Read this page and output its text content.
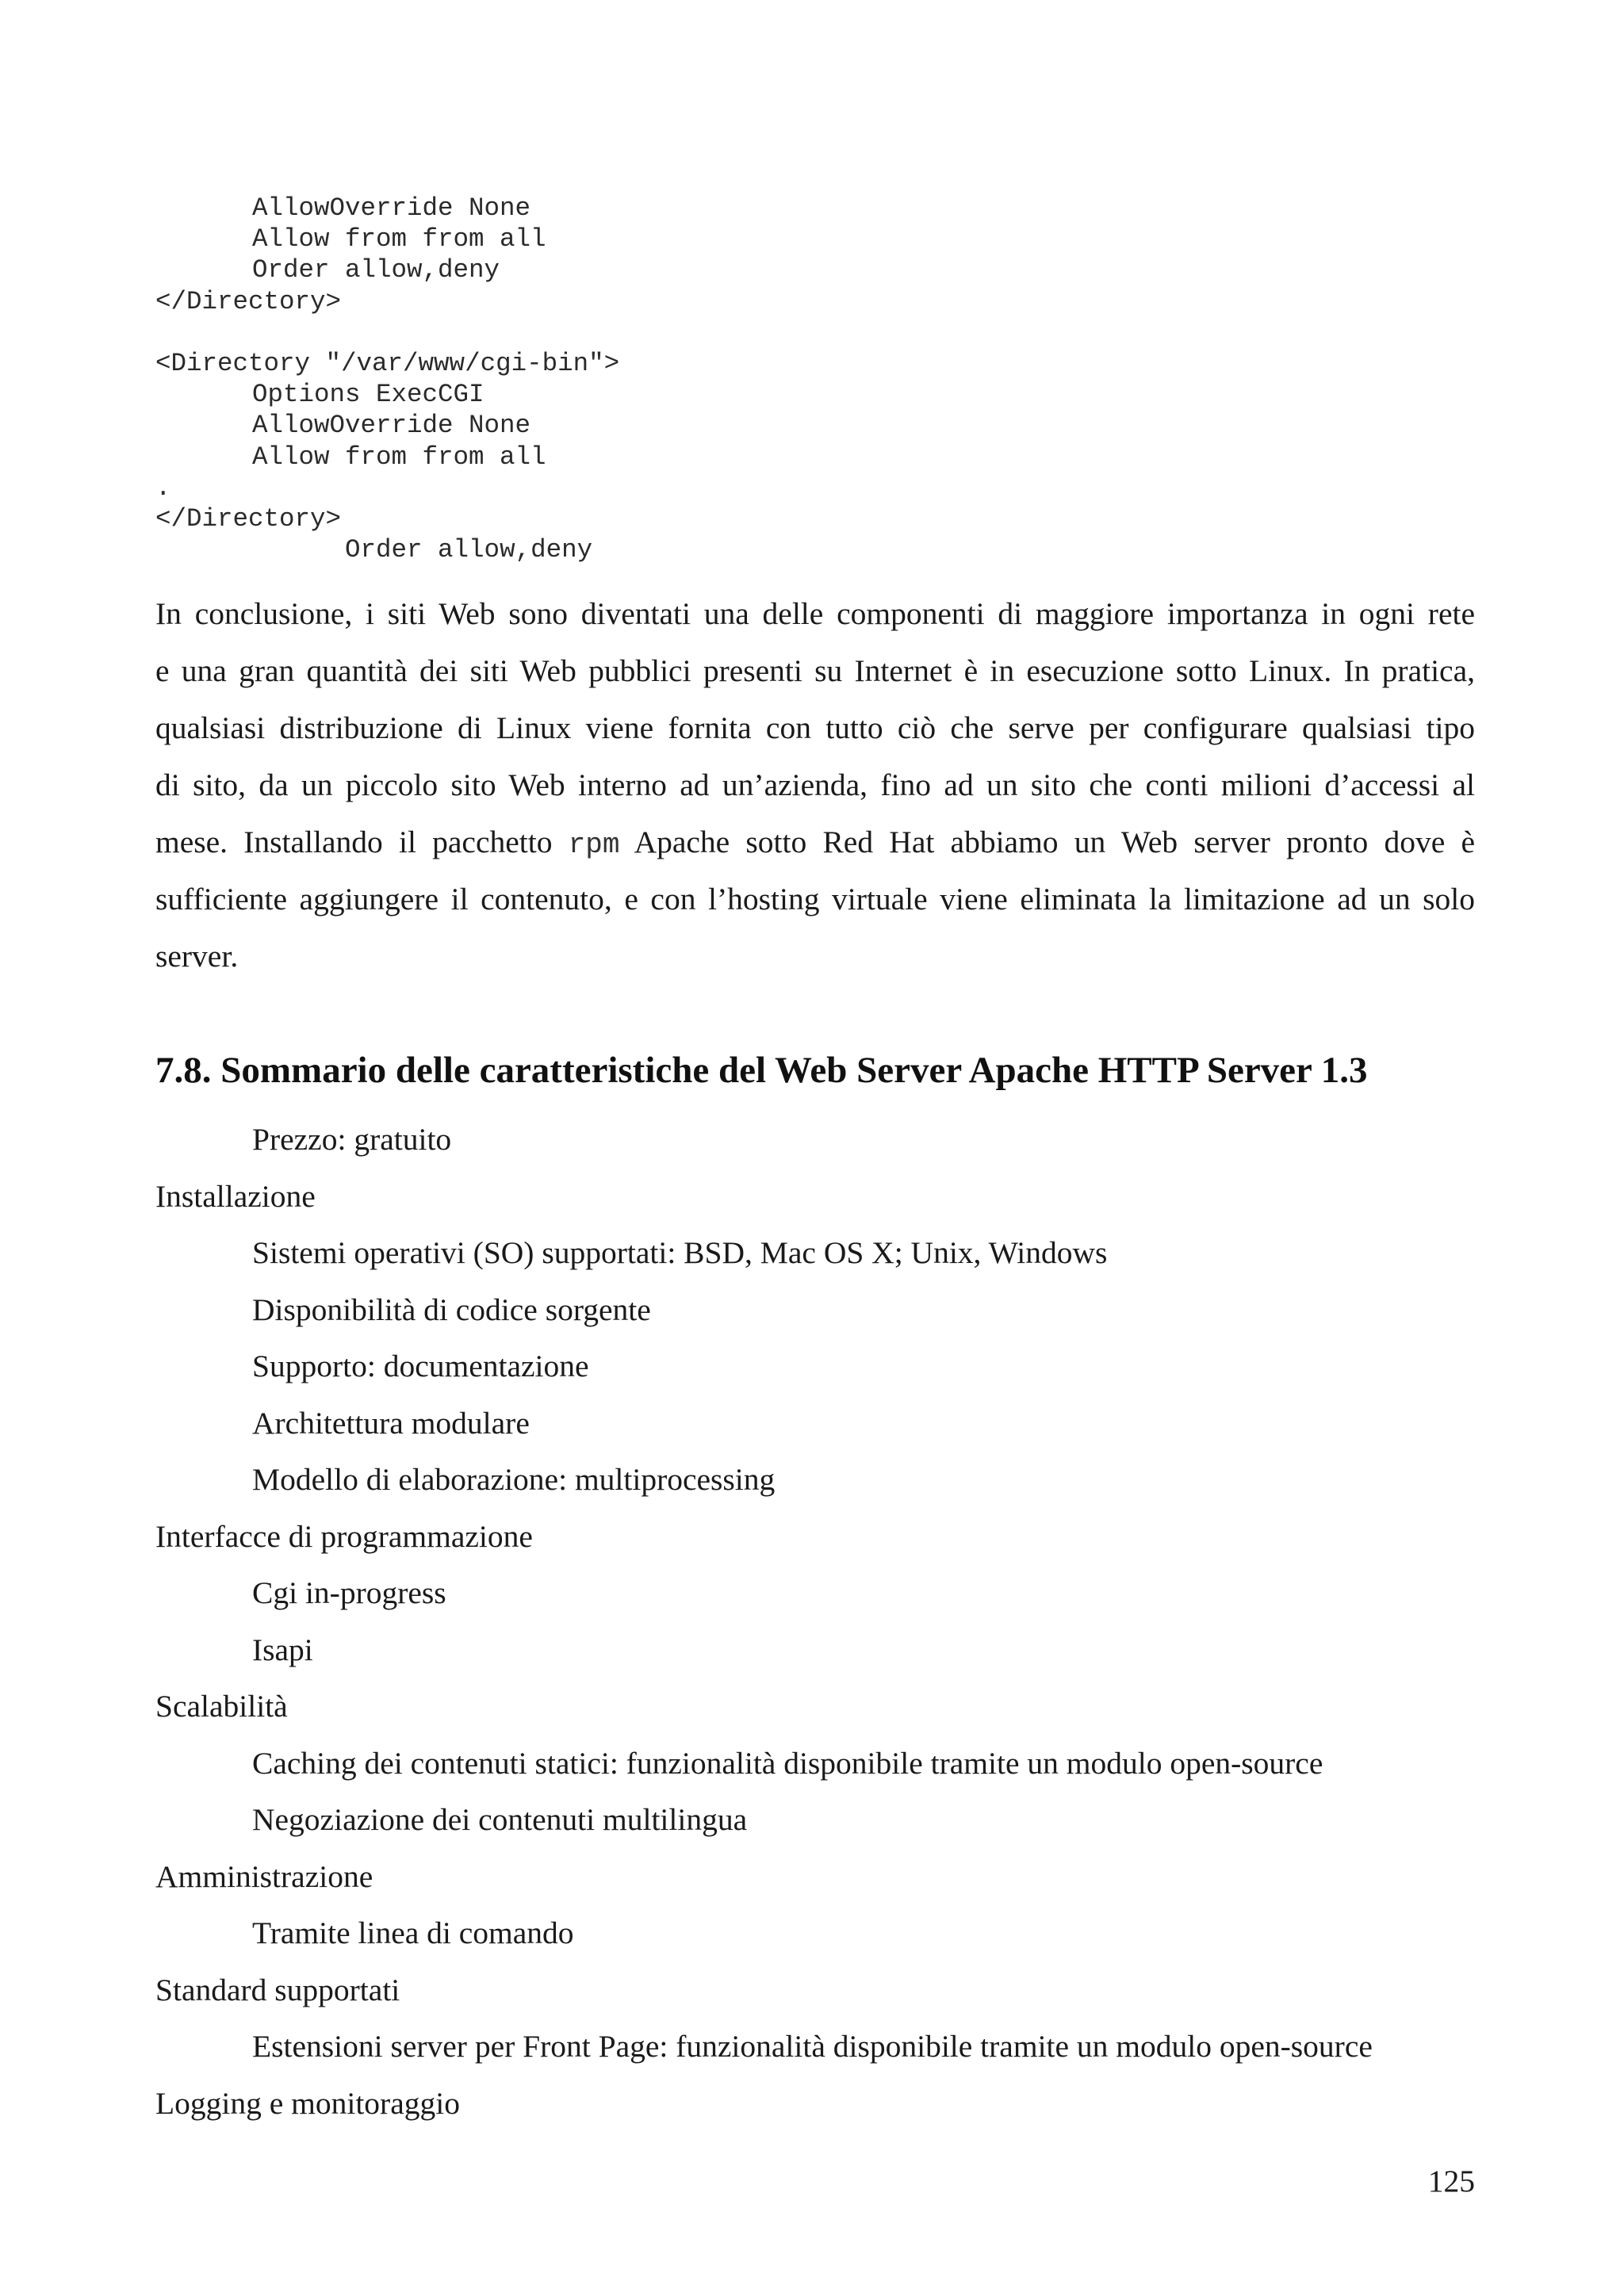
AllowOverride None
Allow from from all
Order allow,deny
</Directory>
<Directory "/var/www/cgi-bin">
Options ExecCGI
AllowOverride None
Allow from from all

.

Order allow,deny

</Directory>
In conclusione, i siti Web sono diventati una delle componenti di maggiore importanza in ogni rete
e una gran quantità dei siti Web pubblici presenti su Internet è in esecuzione sotto Linux. In pratica,
qualsiasi distribuzione di Linux viene fornita con tutto ciò che serve per configurare qualsiasi tipo
di sito, da un piccolo sito Web interno ad un’azienda, fino ad un sito che conti milioni d’accessi al
mese. Installando il pacchetto rpm Apache sotto Red Hat abbiamo un Web server pronto dove è
sufficiente aggiungere il contenuto, e con l’hosting virtuale viene eliminata la limitazione ad un solo
server.
7.8. Sommario delle caratteristiche del Web Server Apache HTTP Server 1.3
Prezzo: gratuito
Installazione
Sistemi operativi (SO) supportati: BSD, Mac OS X; Unix, Windows
Disponibilità di codice sorgente
Supporto: documentazione
Architettura modulare
Modello di elaborazione: multiprocessing
Interfacce di programmazione
Cgi in-progress
Isapi
Scalabilità
Caching dei contenuti statici: funzionalità disponibile tramite un modulo open-source
Negoziazione dei contenuti multilingua
Amministrazione
Tramite linea di comando
Standard supportati
Estensioni server per Front Page: funzionalità disponibile tramite un modulo open-source
Logging e monitoraggio
125
